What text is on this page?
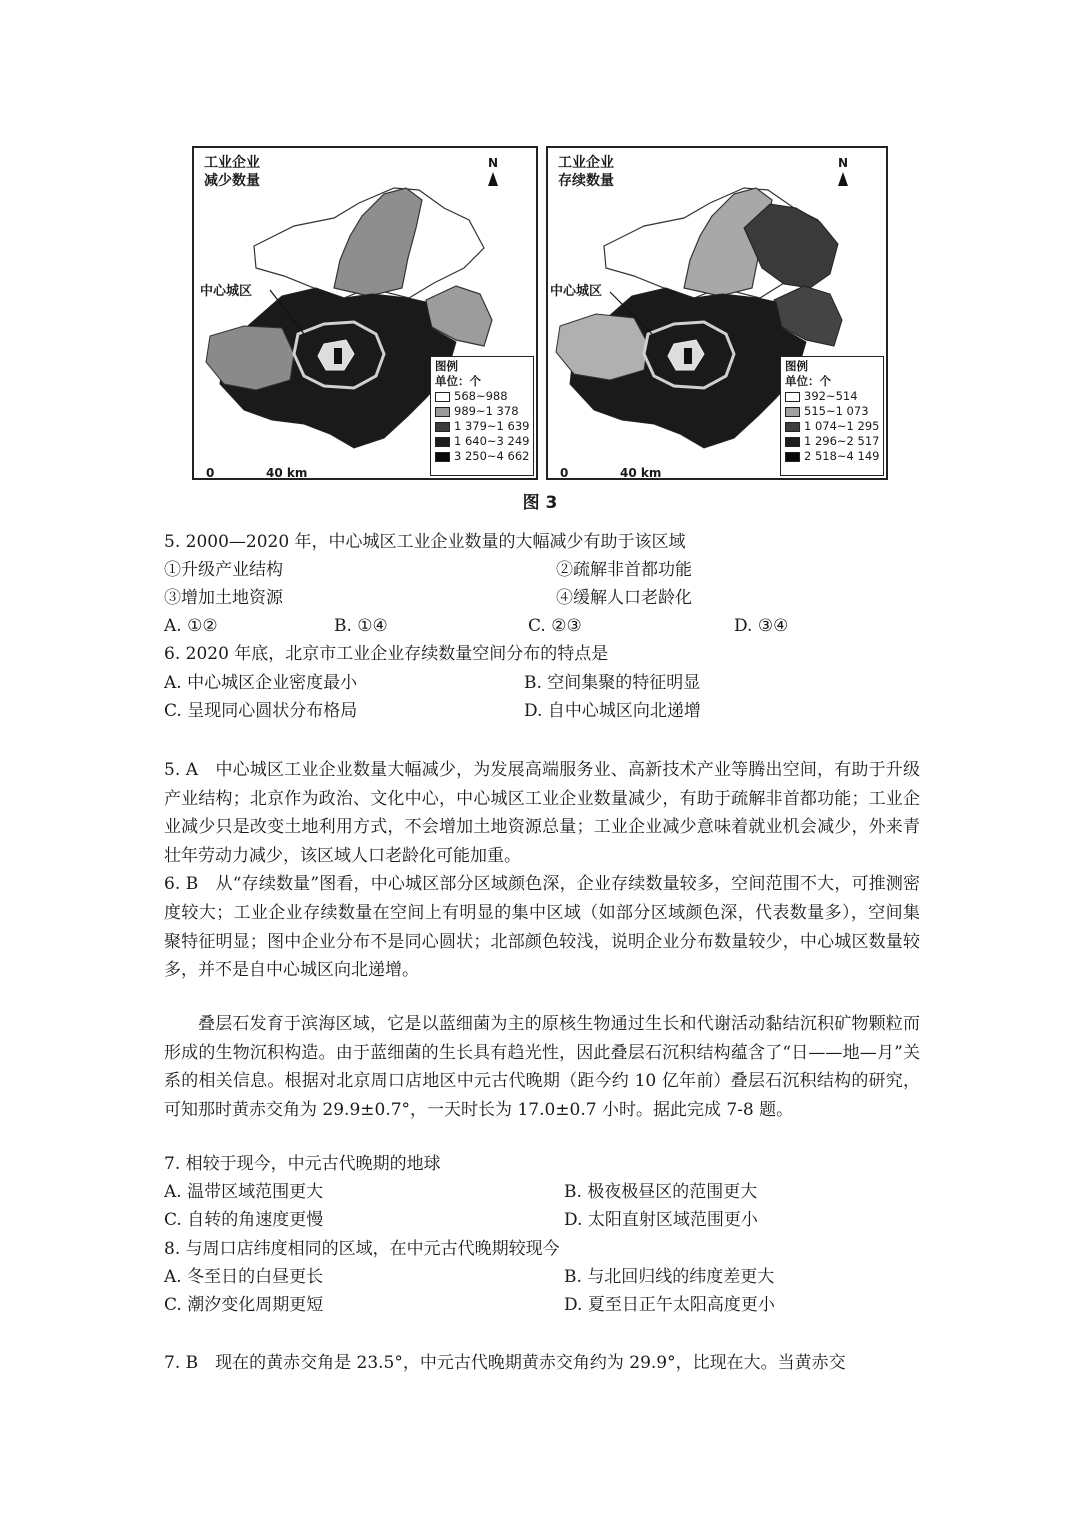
工业企业
减少数量
N
中心城区
0	40 km
图例
单位：个
568~988
989~1 378
1 379~1 639
1 640~3 249
3 250~4 662
工业企业
存续数量
N
中心城区
0	40 km
图例
单位：个
392~514
515~1 073
1 074~1 295
1 296~2 517
2 518~4 149
图 3
5. 2000—2020 年，中心城区工业企业数量的大幅减少有助于该区域
①升级产业结构	②疏解非首都功能
③增加土地资源	④缓解人口老龄化
A. ①②	B. ①④	C. ②③	D. ③④
6. 2020 年底，北京市工业企业存续数量空间分布的特点是
A. 中心城区企业密度最小	B. 空间集聚的特征明显
C. 呈现同心圆状分布格局	D. 自中心城区向北递增

5. A　中心城区工业企业数量大幅减少，为发展高端服务业、高新技术产业等腾出空间，有助于升级产业结构；北京作为政治、文化中心，中心城区工业企业数量减少，有助于疏解非首都功能；工业企业减少只是改变土地利用方式，不会增加土地资源总量；工业企业减少意味着就业机会减少，外来青壮年劳动力减少，该区域人口老龄化可能加重。

6. B　从“存续数量”图看，中心城区部分区域颜色深，企业存续数量较多，空间范围不大，可推测密度较大；工业企业存续数量在空间上有明显的集中区域（如部分区域颜色深，代表数量多），空间集聚特征明显；图中企业分布不是同心圆状；北部颜色较浅，说明企业分布数量较少，中心城区数量较多，并不是自中心城区向北递增。

叠层石发育于滨海区域，它是以蓝细菌为主的原核生物通过生长和代谢活动黏结沉积矿物颗粒而形成的生物沉积构造。由于蓝细菌的生长具有趋光性，因此叠层石沉积结构蕴含了“日——地—月”关系的相关信息。根据对北京周口店地区中元古代晚期（距今约 10 亿年前）叠层石沉积结构的研究，可知那时黄赤交角为 29.9±0.7°，一天时长为 17.0±0.7 小时。据此完成 7-8 题。
7. 相较于现今，中元古代晚期的地球
A. 温带区域范围更大	B. 极夜极昼区的范围更大
C. 自转的角速度更慢	D. 太阳直射区域范围更小
8. 与周口店纬度相同的区域，在中元古代晚期较现今
A. 冬至日的白昼更长	B. 与北回归线的纬度差更大
C. 潮汐变化周期更短	D. 夏至日正午太阳高度更小
7. B　现在的黄赤交角是 23.5°，中元古代晚期黄赤交角约为 29.9°，比现在大。当黄赤交
